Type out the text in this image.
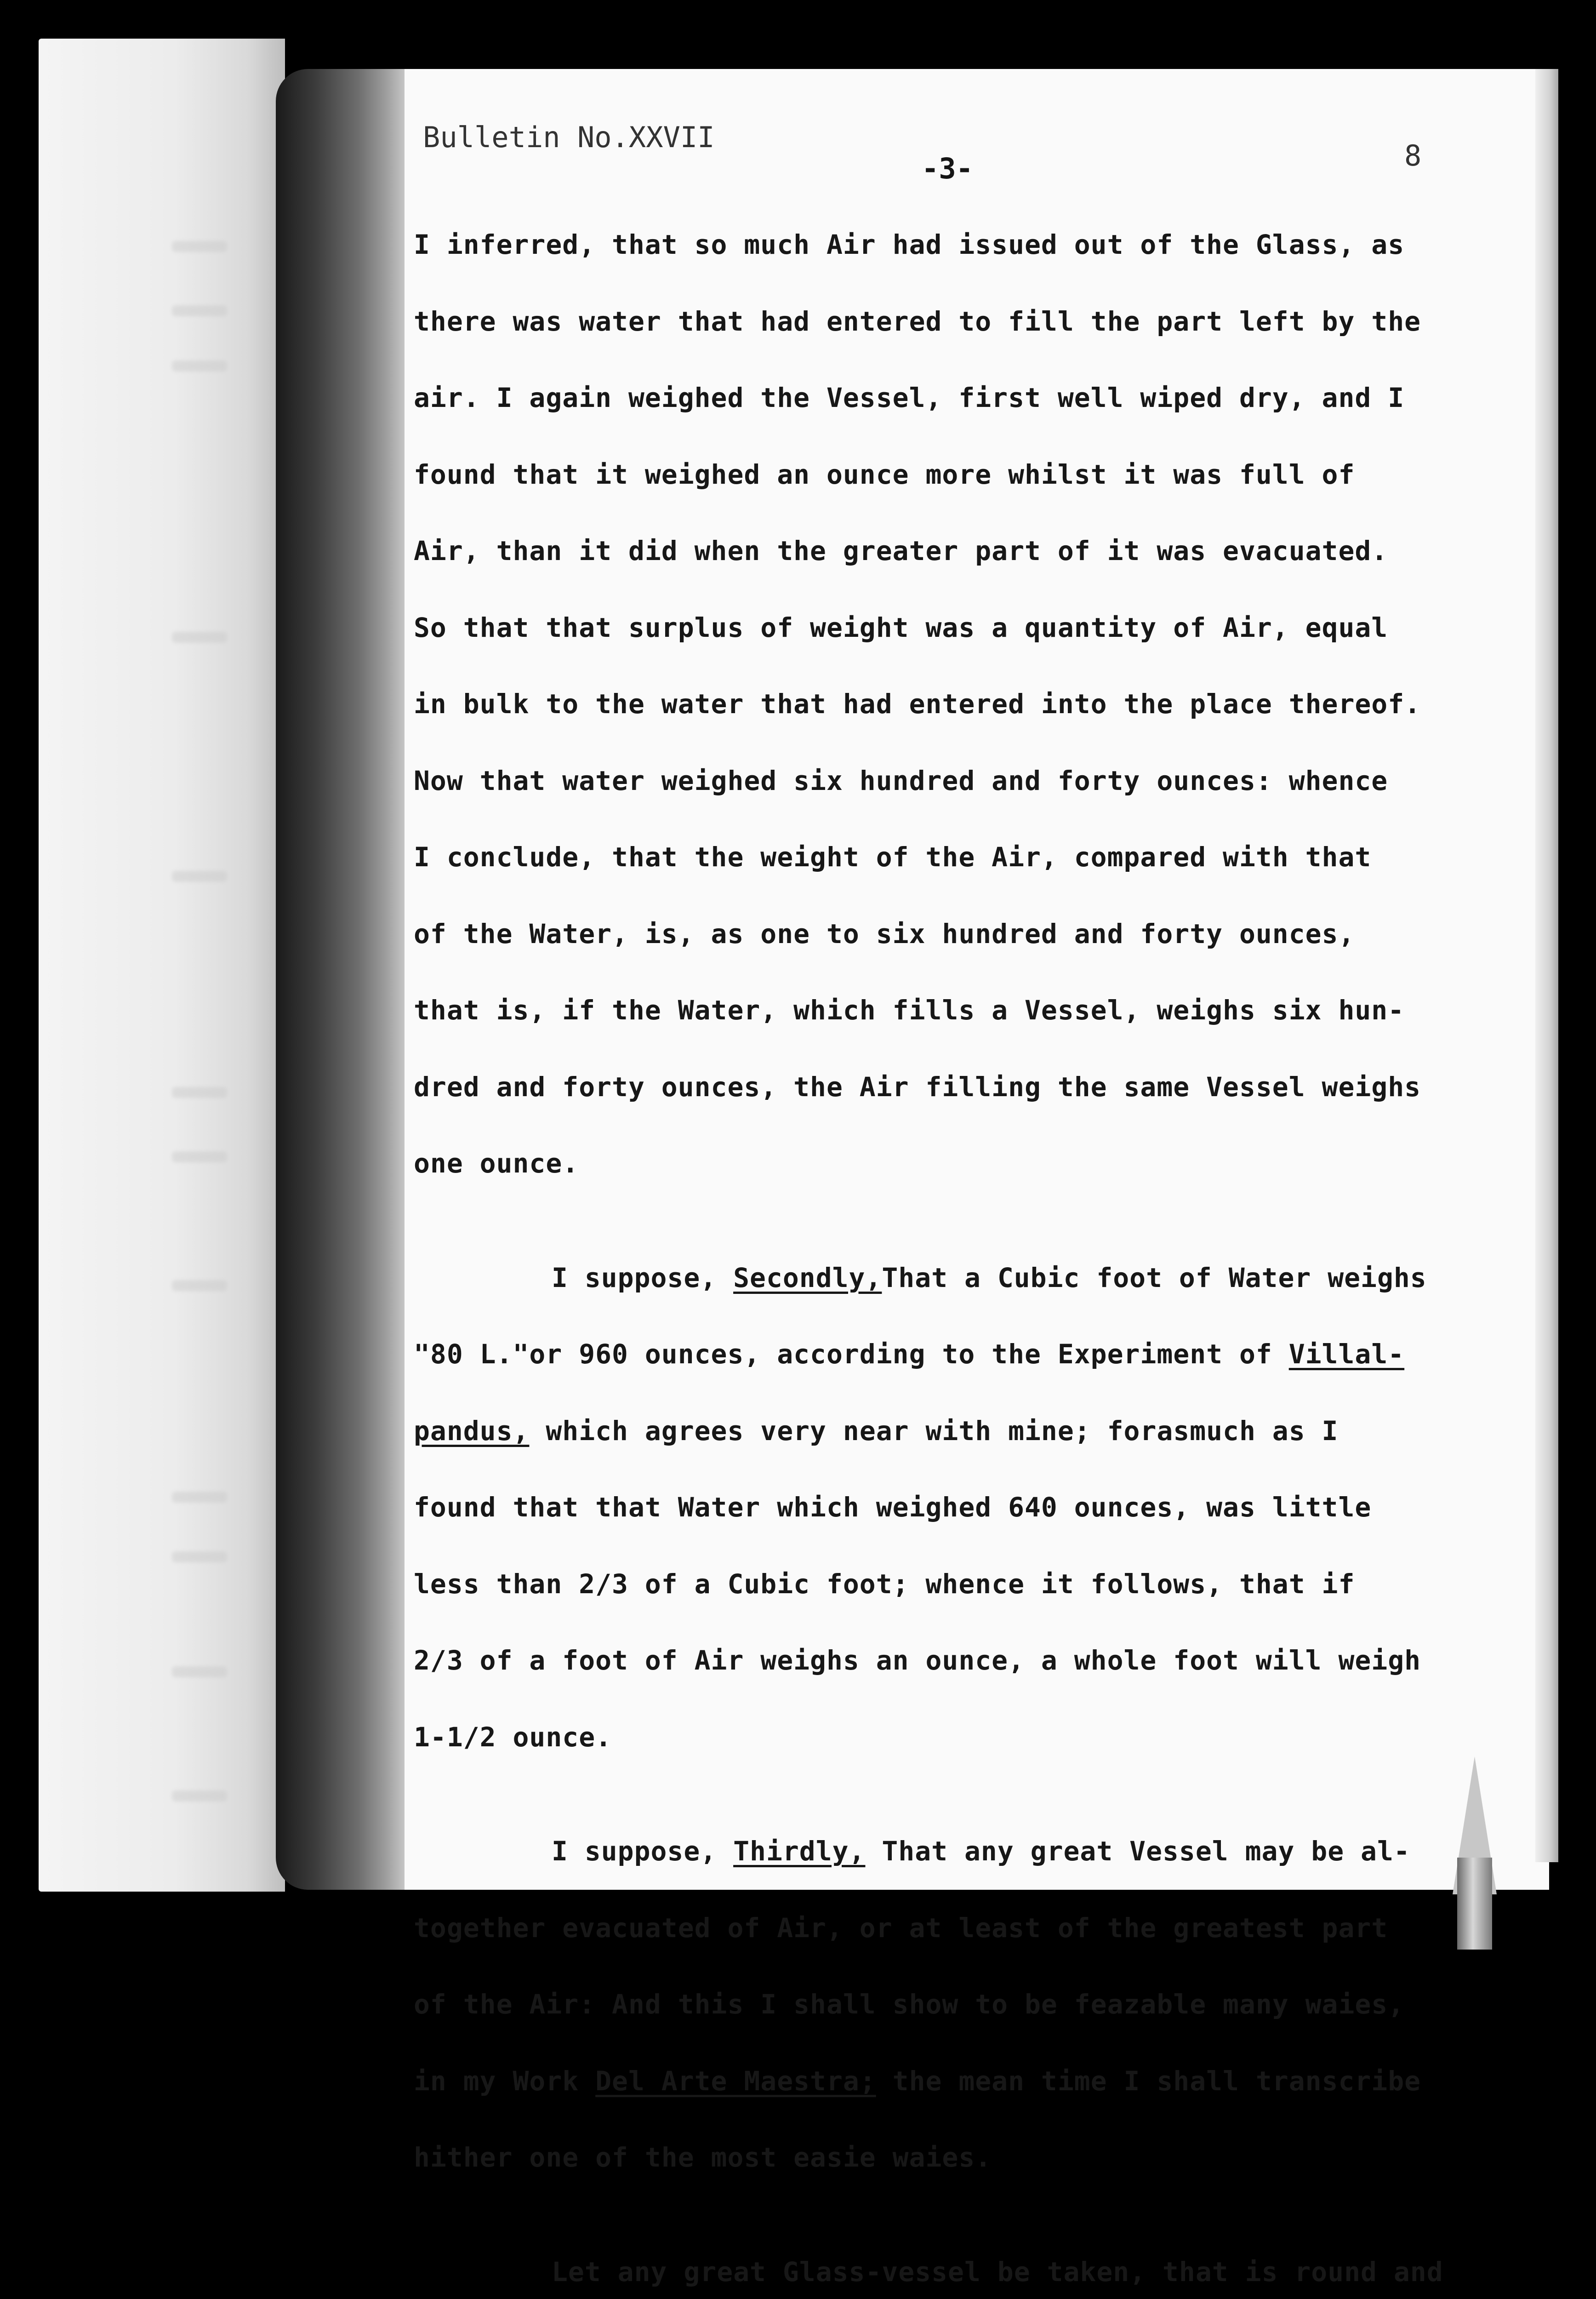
Bulletin No.XXVII
8
-3-

I inferred, that so much Air had issued out of the Glass, as

there was water that had entered to fill the part left by the

air. I again weighed the Vessel, first well wiped dry, and I

found that it weighed an ounce more whilst it was full of

Air, than it did when the greater part of it was evacuated.

So that that surplus of weight was a quantity of Air, equal

in bulk to the water that had entered into the place thereof.

Now that water weighed six hundred and forty ounces: whence

I conclude, that the weight of the Air, compared with that

of the Water, is, as one to six hundred and forty ounces,

that is, if the Water, which fills a Vessel, weighs six hun-

dred and forty ounces, the Air filling the same Vessel weighs

one ounce.

I suppose, Secondly,That a Cubic foot of Water weighs

"80 L."or 960 ounces, according to the Experiment of Villal-

pandus, which agrees very near with mine; forasmuch as I

found that that Water which weighed 640 ounces, was little

less than 2/3 of a Cubic foot; whence it follows, that if

2/3 of a foot of Air weighs an ounce, a whole foot will weigh

1-1/2 ounce.

I suppose, Thirdly, That any great Vessel may be al-

together evacuated of Air, or at least of the greatest part

of the Air: And this I shall show to be feazable many waies,

in my Work Del Arte Maestra; the mean time I shall transcribe

hither one of the most easie waies.

Let any great Glass-vessel be taken, that is round and
